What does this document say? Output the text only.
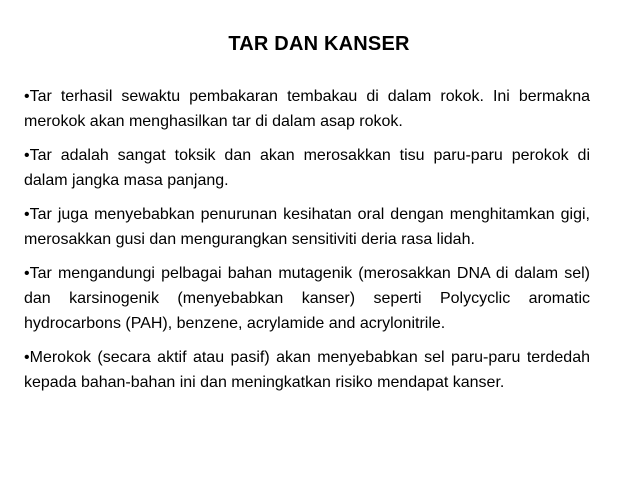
TAR DAN KANSER
•Tar terhasil sewaktu pembakaran tembakau di dalam rokok. Ini bermakna merokok akan menghasilkan tar di dalam asap rokok.
•Tar adalah sangat toksik dan akan merosakkan tisu paru-paru perokok di dalam jangka masa panjang.
•Tar juga menyebabkan penurunan kesihatan oral dengan menghitamkan gigi, merosakkan gusi dan mengurangkan sensitiviti deria rasa lidah.
•Tar mengandungi pelbagai bahan mutagenik (merosakkan DNA di dalam sel) dan karsinogenik (menyebabkan kanser) seperti Polycyclic aromatic hydrocarbons (PAH), benzene, acrylamide and acrylonitrile.
•Merokok (secara aktif atau pasif) akan menyebabkan sel paru-paru terdedah kepada bahan-bahan ini dan meningkatkan risiko mendapat kanser.
